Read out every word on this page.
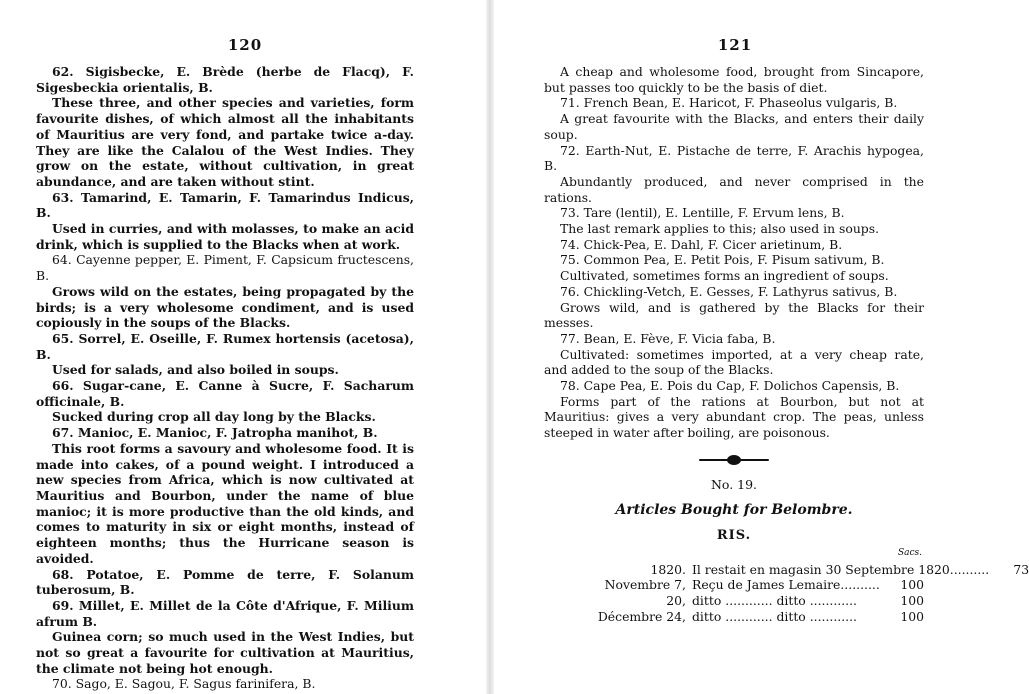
120

62. Sigisbecke, E. Brède (herbe de Flacq), F. Sigesbeckia orientalis, B.

These three, and other species and varieties, form favourite dishes, of which almost all the inhabitants of Mauritius are very fond, and partake twice a-day. They are like the Calalou of the West Indies. They grow on the estate, without cultivation, in great abundance, and are taken without stint.

63. Tamarind, E. Tamarin, F. Tamarindus Indicus, B.

Used in curries, and with molasses, to make an acid drink, which is supplied to the Blacks when at work.

64. Cayenne pepper, E. Piment, F. Capsicum fructescens, B.

Grows wild on the estates, being propagated by the birds; is a very wholesome condiment, and is used copiously in the soups of the Blacks.

65. Sorrel, E. Oseille, F. Rumex hortensis (acetosa), B.

Used for salads, and also boiled in soups.

66. Sugar-cane, E. Canne à Sucre, F. Sacharum officinale, B.

Sucked during crop all day long by the Blacks.

67. Manioc, E. Manioc, F. Jatropha manihot, B.

This root forms a savoury and wholesome food. It is made into cakes, of a pound weight. I introduced a new species from Africa, which is now cultivated at Mauritius and Bourbon, under the name of blue manioc; it is more productive than the old kinds, and comes to maturity in six or eight months, instead of eighteen months; thus the Hurricane season is avoided.

68. Potatoe, E. Pomme de terre, F. Solanum tuberosum, B.

69. Millet, E. Millet de la Côte d'Afrique, F. Milium afrum B.

Guinea corn; so much used in the West Indies, but not so great a favourite for cultivation at Mauritius, the climate not being hot enough.

70. Sago, E. Sagou, F. Sagus farinifera, B.

121

A cheap and wholesome food, brought from Sincapore, but passes too quickly to be the basis of diet.

71. French Bean, E. Haricot, F. Phaseolus vulgaris, B.

A great favourite with the Blacks, and enters their daily soup.

72. Earth-Nut, E. Pistache de terre, F. Arachis hypogea, B.

Abundantly produced, and never comprised in the rations.

73. Tare (lentil), E. Lentille, F. Ervum lens, B.

The last remark applies to this; also used in soups.

74. Chick-Pea, E. Dahl, F. Cicer arietinum, B.

75. Common Pea, E. Petit Pois, F. Pisum sativum, B.

Cultivated, sometimes forms an ingredient of soups.

76. Chickling-Vetch, E. Gesses, F. Lathyrus sativus, B.

Grows wild, and is gathered by the Blacks for their messes.

77. Bean, E. Fève, F. Vicia faba, B.

Cultivated: sometimes imported, at a very cheap rate, and added to the soup of the Blacks.

78. Cape Pea, E. Pois du Cap, F. Dolichos Capensis, B.

Forms part of the rations at Bourbon, but not at Mauritius: gives a very abundant crop. The peas, unless steeped in water after boiling, are poisonous.

No. 19.
Articles Bought for Belombre.
RIS.
Sacs.
1820. Il restait en magasin 30 Septembre 1820..........	73
Novembre 7, Reçu de James Lemaire..........	100
20, ditto ............ ditto ............	100
Décembre 24, ditto ............ ditto ............	100
